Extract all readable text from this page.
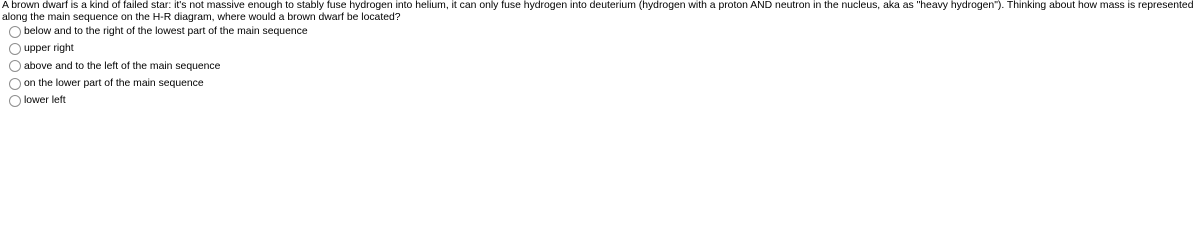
A brown dwarf is a kind of failed star: it's not massive enough to stably fuse hydrogen into helium, it can only fuse hydrogen into deuterium (hydrogen with a proton AND neutron in the nucleus, aka as "heavy hydrogen"). Thinking about how mass is represented along the main sequence on the H-R diagram, where would a brown dwarf be located?

below and to the right of the lowest part of the main sequence
upper right
above and to the left of the main sequence
on the lower part of the main sequence
lower left
